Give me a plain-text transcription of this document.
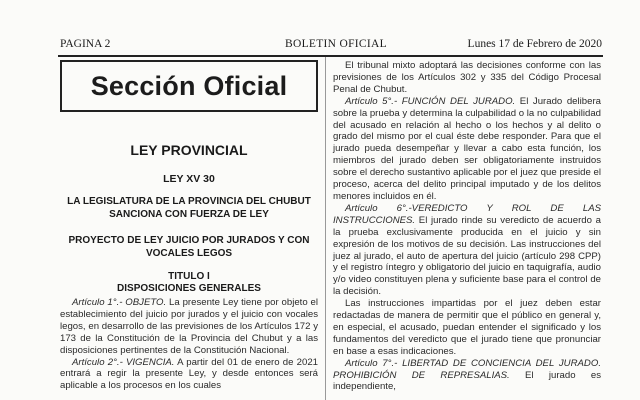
PAGINA 2	BOLETIN OFICIAL	Lunes 17 de Febrero de 2020
Sección Oficial
LEY PROVINCIAL
LEY XV 30
LA LEGISLATURA DE LA PROVINCIA DEL CHUBUT
SANCIONA CON FUERZA DE LEY
PROYECTO DE LEY JUICIO POR JURADOS Y CON
VOCALES LEGOS
TITULO I
DISPOSICIONES GENERALES

Artículo 1°.- OBJETO. La presente Ley tiene por objeto el establecimiento del juicio por jurados y el juicio con vocales legos, en desarrollo de las previsiones de los Artículos 172 y 173 de la Constitución de la Provincia del Chubut y a las disposiciones pertinentes de la Constitución Nacional.

Artículo 2°.- VIGENCIA. A partir del 01 de enero de 2021 entrará a regir la presente Ley, y desde entonces será aplicable a los procesos en los cuales

El tribunal mixto adoptará las decisiones conforme con las previsiones de los Artículos 302 y 335 del Código Procesal Penal de Chubut.

Artículo 5°.- FUNCIÓN DEL JURADO. El Jurado delibera sobre la prueba y determina la culpabilidad o la no culpabilidad del acusado en relación al hecho o los hechos y al delito o grado del mismo por el cual éste debe responder. Para que el jurado pueda desempeñar y llevar a cabo esta función, los miembros del jurado deben ser obligatoriamente instruidos sobre el derecho sustantivo aplicable por el juez que preside el proceso, acerca del delito principal imputado y de los delitos menores incluidos en él.

Artículo 6°.-VEREDICTO Y ROL DE LAS INSTRUCCIONES. El jurado rinde su veredicto de acuerdo a la prueba exclusivamente producida en el juicio y sin expresión de los motivos de su decisión. Las instrucciones del juez al jurado, el auto de apertura del juicio (artículo 298 CPP) y el registro íntegro y obligatorio del juicio en taquigrafía, audio y/o video constituyen plena y suficiente base para el control de la decisión.

Las instrucciones impartidas por el juez deben estar redactadas de manera de permitir que el público en general y, en especial, el acusado, puedan entender el significado y los fundamentos del veredicto que el jurado tiene que pronunciar en base a esas indicaciones.

Artículo 7°.- LIBERTAD DE CONCIENCIA DEL JURADO. PROHIBICIÓN DE REPRESALIAS. El jurado es independiente,
